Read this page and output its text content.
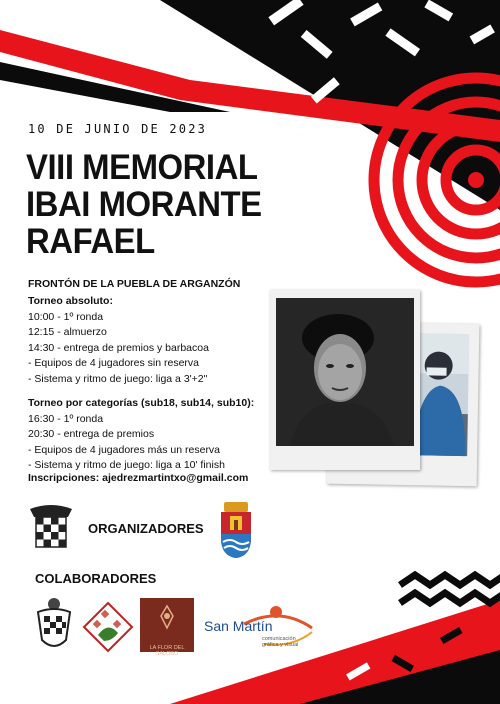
10 DE JUNIO DE 2023
VIII MEMORIAL
IBAI MORANTE
RAFAEL
FRONTÓN DE LA PUEBLA DE ARGANZÓN
Torneo absoluto:
10:00 - 1º ronda
12:15 - almuerzo
14:30 - entrega de premios y barbacoa
- Equipos de 4 jugadores sin reserva
- Sistema y ritmo de juego: liga a 3'+2"
Torneo por categorías (sub18, sub14, sub10):
16:30 - 1º ronda
20:30 - entrega de premios
- Equipos de 4 jugadores más un reserva
- Sistema y ritmo de juego: liga a 10' finish
Inscripciones: ajedrezmartintxo@gmail.com
ORGANIZADORES
COLABORADORES
LA FLOR DEL SALOBO
San Martín
comunicación gráfica y visual
